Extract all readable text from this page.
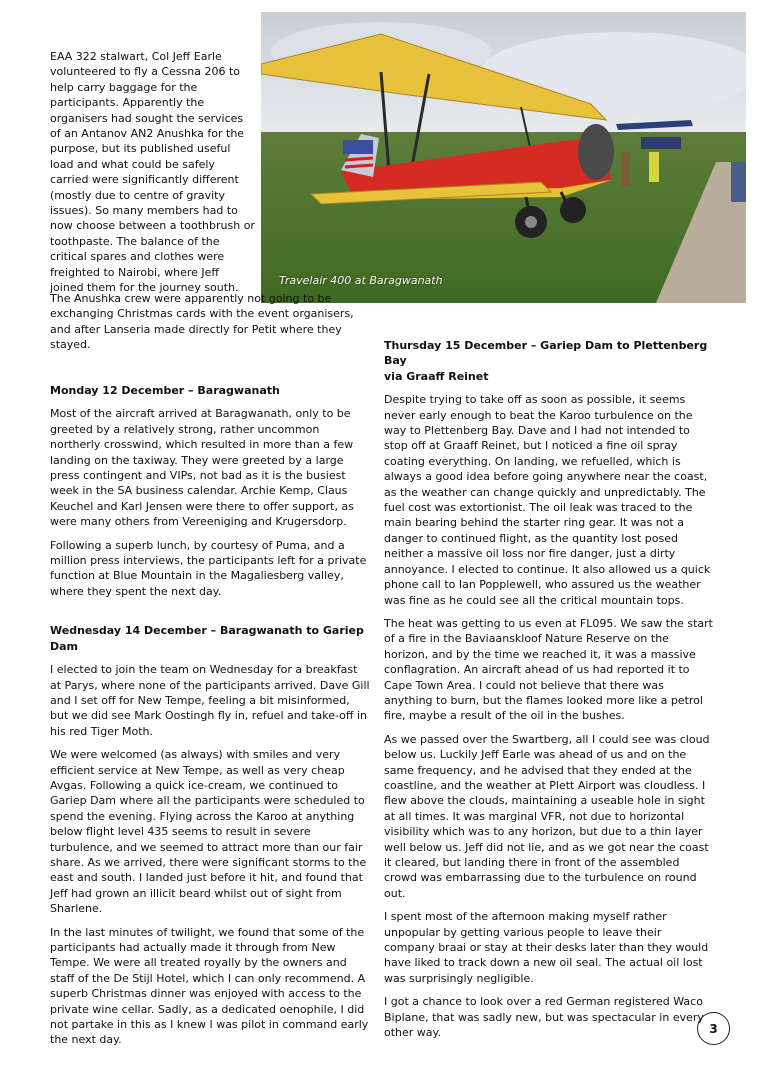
Travelair 400 at Baragwanath

EAA 322 stalwart, Col Jeff Earle volunteered to fly a Cessna 206 to help carry baggage for the participants. Apparently the organisers had sought the services of an Antanov AN2 Anushka for the purpose, but its published useful load and what could be safely carried were significantly different (mostly due to centre of gravity issues). So many members had to now choose between a toothbrush or toothpaste. The balance of the critical spares and clothes were freighted to Nairobi, where Jeff joined them for the journey south.

The Anushka crew were apparently not going to be exchanging Christmas cards with the event organisers, and after Lanseria made directly for Petit where they stayed.

Monday 12 December – Baragwanath

Most of the aircraft arrived at Baragwanath, only to be greeted by a relatively strong, rather uncommon northerly crosswind, which resulted in more than a few landing on the taxiway. They were greeted by a large press contingent and VIPs, not bad as it is the busiest week in the SA business calendar. Archie Kemp, Claus Keuchel and Karl Jensen were there to offer support, as were many others from Vereeniging and Krugersdorp.

Following a superb lunch, by courtesy of Puma, and a million press interviews, the participants left for a private function at Blue Mountain in the Magaliesberg valley, where they spent the next day.

Wednesday 14 December – Baragwanath to Gariep Dam

I elected to join the team on Wednesday for a breakfast at Parys, where none of the participants arrived. Dave Gill and I set off for New Tempe, feeling a bit misinformed, but we did see Mark Oostingh fly in, refuel and take-off in his red Tiger Moth.

We were welcomed (as always) with smiles and very efficient service at New Tempe, as well as very cheap Avgas. Following a quick ice-cream, we continued to Gariep Dam where all the participants were scheduled to spend the evening. Flying across the Karoo at anything below flight level 435 seems to result in severe turbulence, and we seemed to attract more than our fair share. As we arrived, there were significant storms to the east and south. I landed just before it hit, and found that Jeff had grown an illicit beard whilst out of sight from Sharlene.

In the last minutes of twilight, we found that some of the participants had actually made it through from New Tempe. We were all treated royally by the owners and staff of the De Stijl Hotel, which I can only recommend. A superb Christmas dinner was enjoyed with access to the private wine cellar. Sadly, as a dedicated oenophile, I did not partake in this as I knew I was pilot in command early the next day.

Thursday 15 December – Gariep Dam to Plettenberg Bay
via Graaff Reinet

Despite trying to take off as soon as possible, it seems never early enough to beat the Karoo turbulence on the way to Plettenberg Bay. Dave and I had not intended to stop off at Graaff Reinet, but I noticed a fine oil spray coating everything. On landing, we refuelled, which is always a good idea before going anywhere near the coast, as the weather can change quickly and unpredictably. The fuel cost was extortionist. The oil leak was traced to the main bearing behind the starter ring gear. It was not a danger to continued flight, as the quantity lost posed neither a massive oil loss nor fire danger, just a dirty annoyance. I elected to continue. It also allowed us a quick phone call to Ian Popplewell, who assured us the weather was fine as he could see all the critical mountain tops.

The heat was getting to us even at FL095. We saw the start of a fire in the Baviaanskloof Nature Reserve on the horizon, and by the time we reached it, it was a massive conflagration. An aircraft ahead of us had reported it to Cape Town Area. I could not believe that there was anything to burn, but the flames looked more like a petrol fire, maybe a result of the oil in the bushes.

As we passed over the Swartberg, all I could see was cloud below us. Luckily Jeff Earle was ahead of us and on the same frequency, and he advised that they ended at the coastline, and the weather at Plett Airport was cloudless. I flew above the clouds, maintaining a useable hole in sight at all times. It was marginal VFR, not due to horizontal visibility which was to any horizon, but due to a thin layer well below us. Jeff did not lie, and as we got near the coast it cleared, but landing there in front of the assembled crowd was embarrassing due to the turbulence on round out.

I spent most of the afternoon making myself rather unpopular by getting various people to leave their company braai or stay at their desks later than they would have liked to track down a new oil seal. The actual oil lost was surprisingly negligible.

I got a chance to look over a red German registered Waco Biplane, that was sadly new, but was spectacular in every other way.	3
